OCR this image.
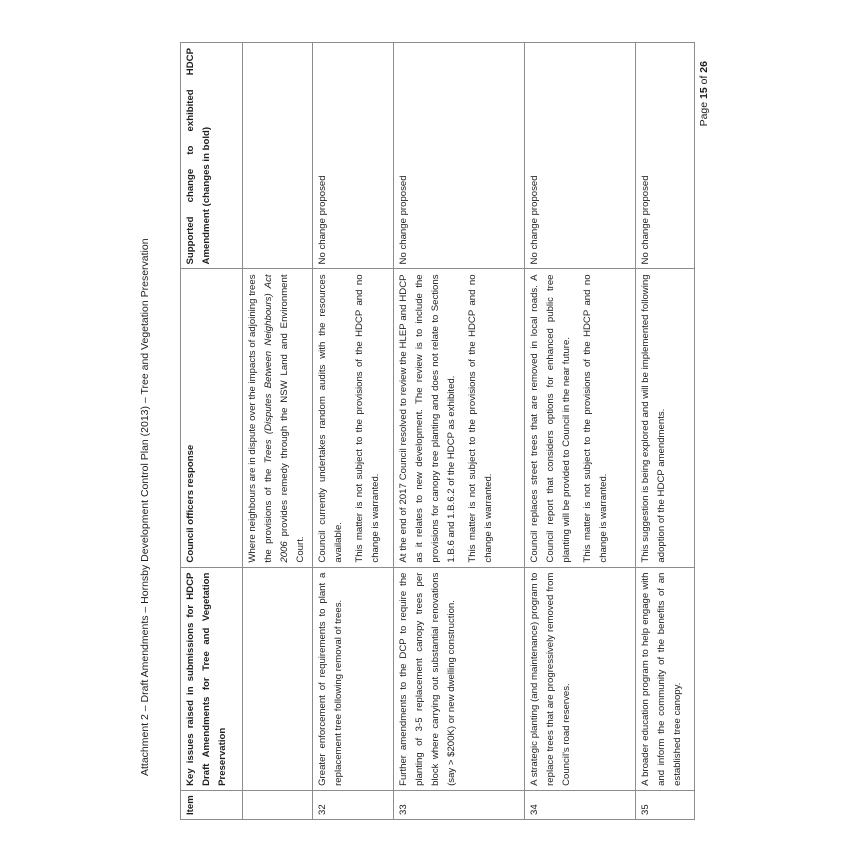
Attachment 2 – Draft Amendments – Hornsby Development Control Plan (2013) – Tree and Vegetation Preservation
Item	Key issues raised in submissions for HDCP Draft Amendments for Tree and Vegetation Preservation	Council officers response	Supported change to exhibited HDCP Amendment (changes in bold)

		Where neighbours are in dispute over the impacts of adjoining trees the provisions of the Trees (Disputes Between Neighbours) Act 2006 provides remedy through the NSW Land and Environment Court.	

32	Greater enforcement of requirements to plant a replacement tree following removal of trees.	Council currently undertakes random audits with the resources available. This matter is not subject to the provisions of the HDCP and no change is warranted.	No change proposed
33	Further amendments to the DCP to require the planting of 3-5 replacement canopy trees per block where carrying out substantial renovations (say > $200K) or new dwelling construction.	At the end of 2017 Council resolved to review the HLEP and HDCP as it relates to new development. The review is to include the provisions for canopy tree planting and does not relate to Sections 1.B.6 and 1.B.6.2 of the HDCP as exhibited. This matter is not subject to the provisions of the HDCP and no change is warranted.	No change proposed
34	A strategic planting (and maintenance) program to replace trees that are progressively removed from Council's road reserves.	Council replaces street trees that are removed in local roads. A Council report that considers options for enhanced public tree planting will be provided to Council in the near future. This matter is not subject to the provisions of the HDCP and no change is warranted.	No change proposed
35	A broader education program to help engage with and inform the community of the benefits of an established tree canopy.	This suggestion is being explored and will be implemented following adoption of the HDCP amendments.	No change proposed
Page 15 of 26
